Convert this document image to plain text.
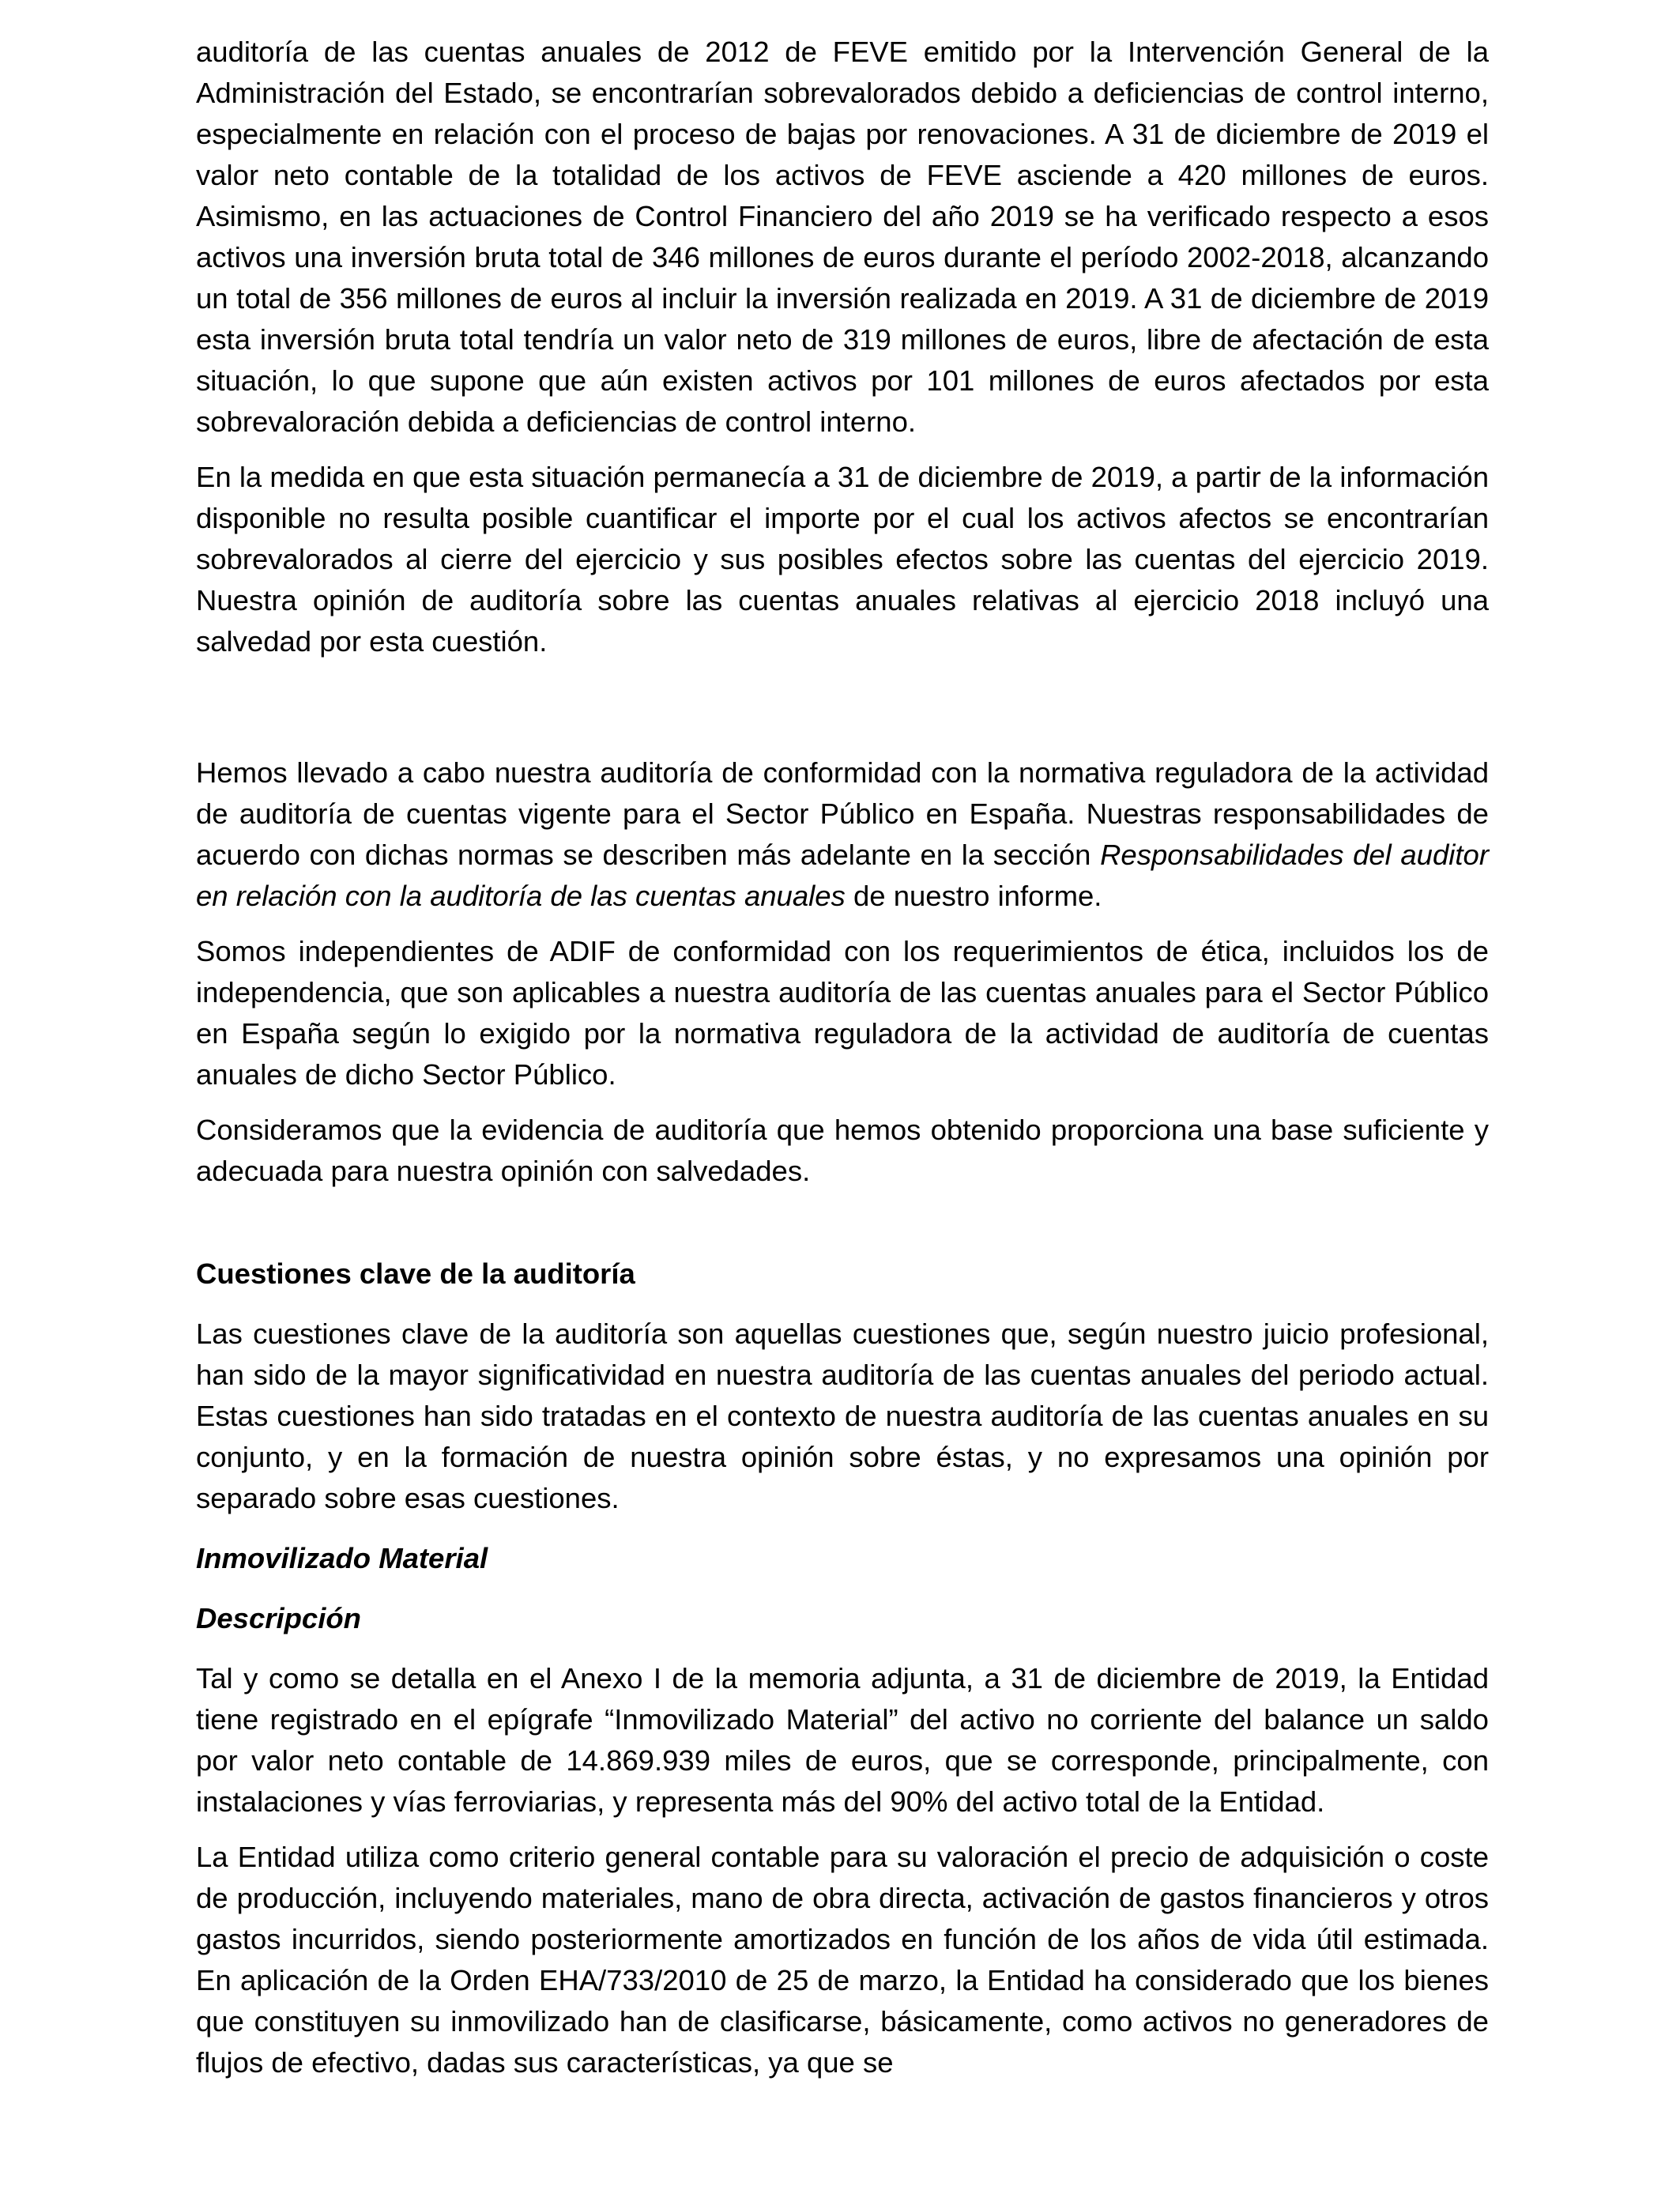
auditoría de las cuentas anuales de 2012 de FEVE emitido por la Intervención General de la Administración del Estado, se encontrarían sobrevalorados debido a deficiencias de control interno, especialmente en relación con el proceso de bajas por renovaciones. A 31 de diciembre de 2019 el valor neto contable de la totalidad de los activos de FEVE asciende a 420 millones de euros. Asimismo, en las actuaciones de Control Financiero del año 2019 se ha verificado respecto a esos activos una inversión bruta total de 346 millones de euros durante el período 2002-2018, alcanzando un total de 356 millones de euros al incluir la inversión realizada en 2019. A 31 de diciembre de 2019 esta inversión bruta total tendría un valor neto de 319 millones de euros, libre de afectación de esta situación, lo que supone que aún existen activos por 101 millones de euros afectados por esta sobrevaloración debida a deficiencias de control interno.

En la medida en que esta situación permanecía a 31 de diciembre de 2019, a partir de la información disponible no resulta posible cuantificar el importe por el cual los activos afectos se encontrarían sobrevalorados al cierre del ejercicio y sus posibles efectos sobre las cuentas del ejercicio 2019. Nuestra opinión de auditoría sobre las cuentas anuales relativas al ejercicio 2018 incluyó una salvedad por esta cuestión.

Hemos llevado a cabo nuestra auditoría de conformidad con la normativa reguladora de la actividad de auditoría de cuentas vigente para el Sector Público en España. Nuestras responsabilidades de acuerdo con dichas normas se describen más adelante en la sección Responsabilidades del auditor en relación con la auditoría de las cuentas anuales de nuestro informe.

Somos independientes de ADIF de conformidad con los requerimientos de ética, incluidos los de independencia, que son aplicables a nuestra auditoría de las cuentas anuales para el Sector Público en España según lo exigido por la normativa reguladora de la actividad de auditoría de cuentas anuales de dicho Sector Público.

Consideramos que la evidencia de auditoría que hemos obtenido proporciona una base suficiente y adecuada para nuestra opinión con salvedades.

Cuestiones clave de la auditoría

Las cuestiones clave de la auditoría son aquellas cuestiones que, según nuestro juicio profesional, han sido de la mayor significatividad en nuestra auditoría de las cuentas anuales del periodo actual. Estas cuestiones han sido tratadas en el contexto de nuestra auditoría de las cuentas anuales en su conjunto, y en la formación de nuestra opinión sobre éstas, y no expresamos una opinión por separado sobre esas cuestiones.

Inmovilizado Material
Descripción

Tal y como se detalla en el Anexo I de la memoria adjunta, a 31 de diciembre de 2019, la Entidad tiene registrado en el epígrafe “Inmovilizado Material” del activo no corriente del balance un saldo por valor neto contable de 14.869.939 miles de euros, que se corresponde, principalmente, con instalaciones y vías ferroviarias, y representa más del 90% del activo total de la Entidad.

La Entidad utiliza como criterio general contable para su valoración el precio de adquisición o coste de producción, incluyendo materiales, mano de obra directa, activación de gastos financieros y otros gastos incurridos, siendo posteriormente amortizados en función de los años de vida útil estimada. En aplicación de la Orden EHA/733/2010 de 25 de marzo, la Entidad ha considerado que los bienes que constituyen su inmovilizado han de clasificarse, básicamente, como activos no generadores de flujos de efectivo, dadas sus características, ya que se
